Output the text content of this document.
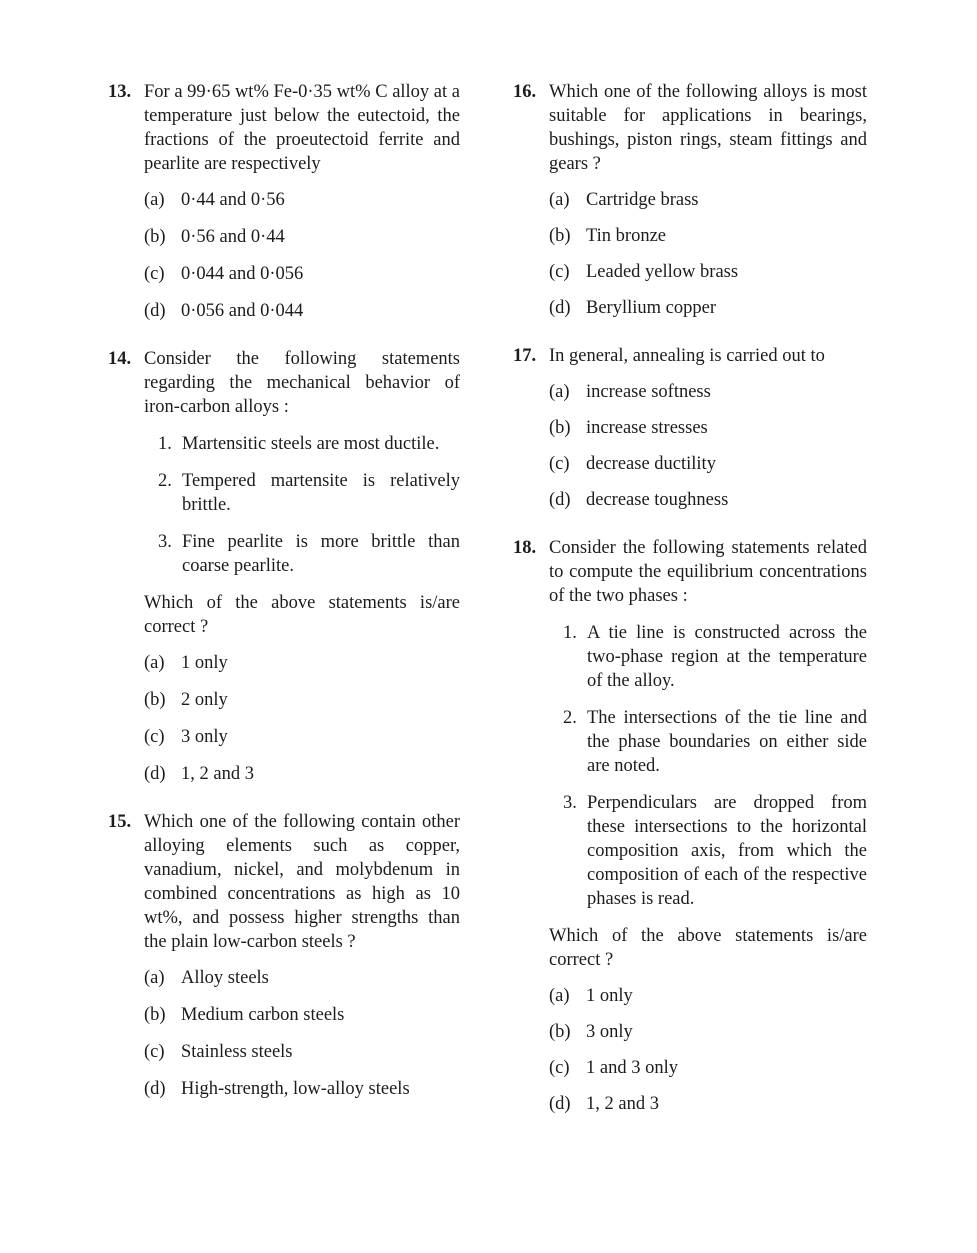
13. For a 99·65 wt% Fe-0·35 wt% C alloy at a temperature just below the eutectoid, the fractions of the proeutectoid ferrite and pearlite are respectively
(a) 0·44 and 0·56
(b) 0·56 and 0·44
(c) 0·044 and 0·056
(d) 0·056 and 0·044
14. Consider the following statements regarding the mechanical behavior of iron-carbon alloys :
1. Martensitic steels are most ductile.
2. Tempered martensite is relatively brittle.
3. Fine pearlite is more brittle than coarse pearlite.
Which of the above statements is/are correct ?
(a) 1 only
(b) 2 only
(c) 3 only
(d) 1, 2 and 3
15. Which one of the following contain other alloying elements such as copper, vanadium, nickel, and molybdenum in combined concentrations as high as 10 wt%, and possess higher strengths than the plain low-carbon steels ?
(a) Alloy steels
(b) Medium carbon steels
(c) Stainless steels
(d) High-strength, low-alloy steels
16. Which one of the following alloys is most suitable for applications in bearings, bushings, piston rings, steam fittings and gears ?
(a) Cartridge brass
(b) Tin bronze
(c) Leaded yellow brass
(d) Beryllium copper
17. In general, annealing is carried out to
(a) increase softness
(b) increase stresses
(c) decrease ductility
(d) decrease toughness
18. Consider the following statements related to compute the equilibrium concentrations of the two phases :
1. A tie line is constructed across the two-phase region at the temperature of the alloy.
2. The intersections of the tie line and the phase boundaries on either side are noted.
3. Perpendiculars are dropped from these intersections to the horizontal composition axis, from which the composition of each of the respective phases is read.
Which of the above statements is/are correct ?
(a) 1 only
(b) 3 only
(c) 1 and 3 only
(d) 1, 2 and 3
